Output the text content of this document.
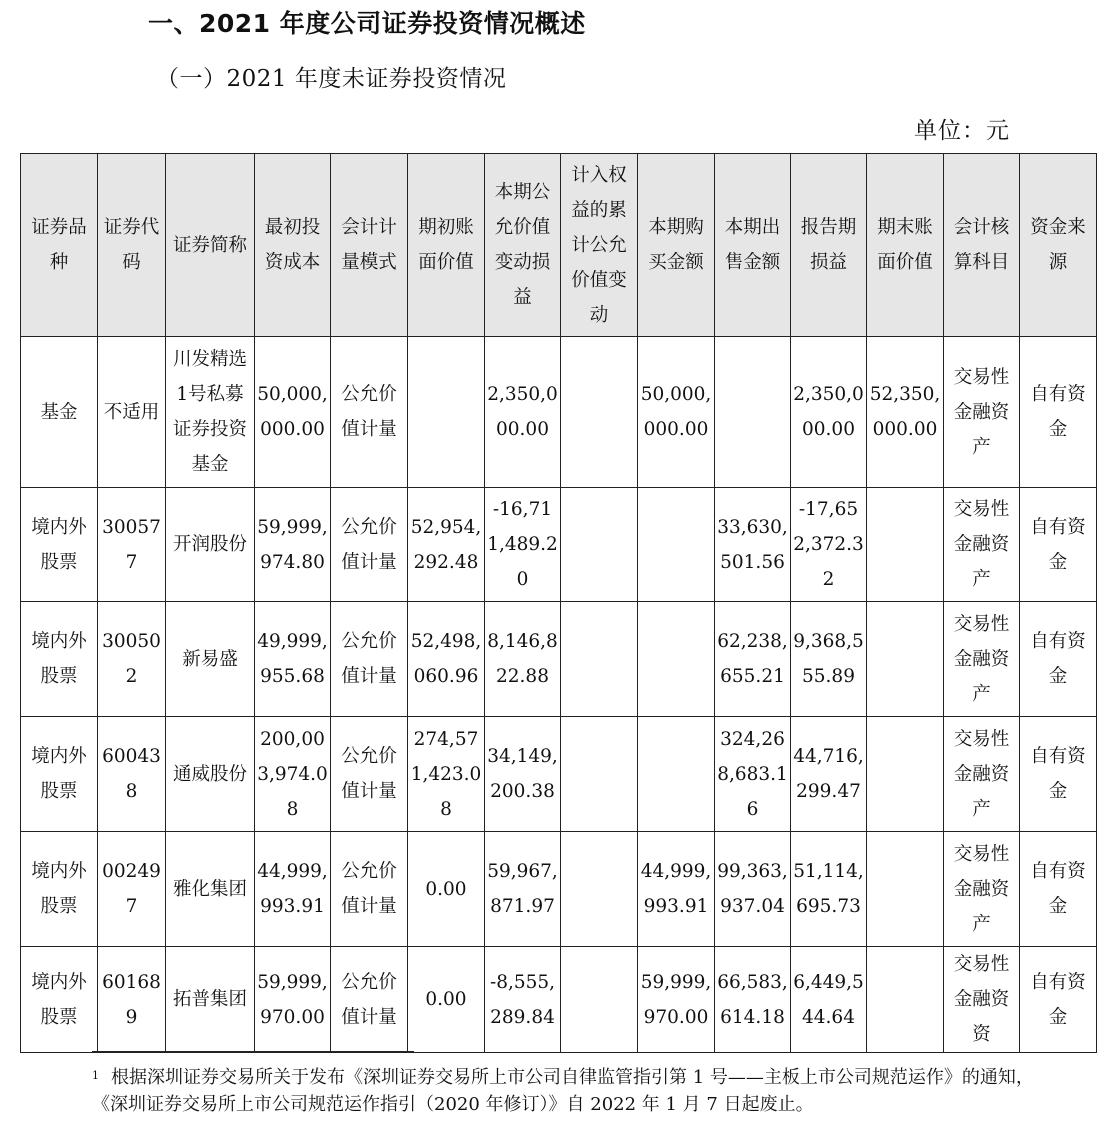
一、2021 年度公司证券投资情况概述
（一）2021 年度未证券投资情况
单位：元
证券品种	证券代码	证券简称	最初投资成本	会计计量模式	期初账面价值	本期公允价值变动损益	计入权益的累计公允价值变动	本期购买金额	本期出售金额	报告期损益	期末账面价值	会计核算科目	资金来源
基金	不适用	川发精选1号私募证券投资基金	50,000,000.00	公允价值计量		2,350,000.00		50,000,000.00		2,350,000.00	52,350,000.00	交易性金融资产	自有资金
境内外股票	300577	开润股份	59,999,974.80	公允价值计量	52,954,292.48	-16,711,489.20			33,630,501.56	-17,652,372.32		交易性金融资产	自有资金
境内外股票	300502	新易盛	49,999,955.68	公允价值计量	52,498,060.96	8,146,822.88			62,238,655.21	9,368,555.89		交易性金融资产	自有资金
境内外股票	600438	通威股份	200,003,974.08	公允价值计量	274,571,423.08	34,149,200.38			324,268,683.16	44,716,299.47		交易性金融资产	自有资金
境内外股票	002497	雅化集团	44,999,993.91	公允价值计量	0.00	59,967,871.97		44,999,993.91	99,363,937.04	51,114,695.73		交易性金融资产	自有资金
境内外股票	601689	拓普集团	59,999,970.00	公允价值计量	0.00	-8,555,289.84		59,999,970.00	66,583,614.18	6,449,544.64		交易性金融资资	自有资金
$^1$ 根据深圳证券交易所关于发布《深圳证券交易所上市公司自律监管指引第 1 号——主板上市公司规范运作》的通知，《深圳证券交易所上市公司规范运作指引（2020 年修订）》自 2022 年 1 月 7 日起废止。
